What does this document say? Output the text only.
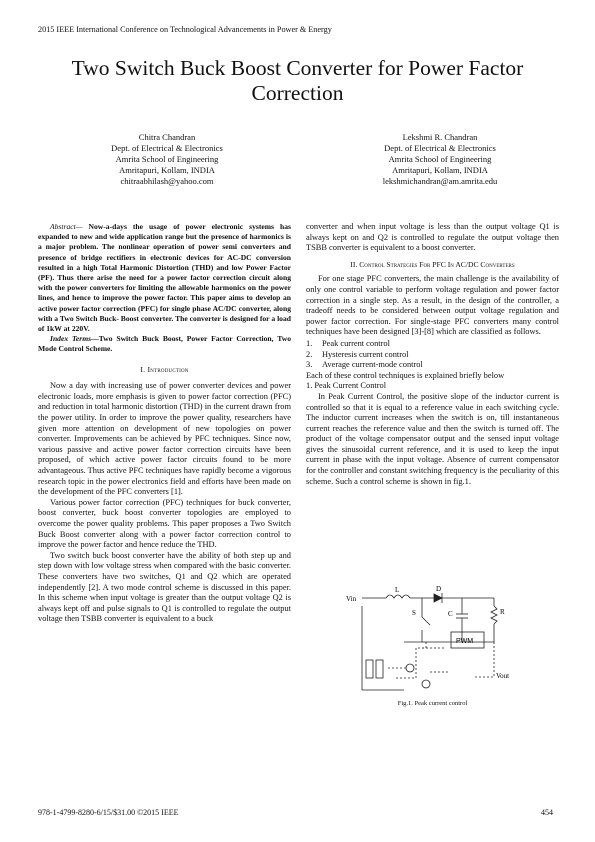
2015 IEEE International Conference on Technological Advancements in Power & Energy
Two Switch Buck Boost Converter for Power Factor Correction
Chitra Chandran
Dept. of Electrical & Electronics
Amrita School of Engineering
Amritapuri, Kollam, INDIA
chitraabhilash@yahoo.com
Lekshmi R. Chandran
Dept. of Electrical & Electronics
Amrita School of Engineering
Amritapuri, Kollam, INDIA
lekshmichandran@am.amrita.edu

Abstract— Now-a-days the usage of power electronic systems has expanded to new and wide application range but the presence of harmonics is a major problem. The nonlinear operation of power semi converters and presence of bridge rectifiers in electronic devices for AC-DC conversion resulted in a high Total Harmonic Distortion (THD) and low Power Factor (PF). Thus there arise the need for a power factor correction circuit along with the power converters for limiting the allowable harmonics on the power lines, and hence to improve the power factor. This paper aims to develop an active power factor correction (PFC) for single phase AC/DC converter, along with a Two Switch Buck- Boost converter. The converter is designed for a load of 1kW at 220V.

Index Terms—Two Switch Buck Boost, Power Factor Correction, Two Mode Control Scheme.

I. Introduction

Now a day with increasing use of power converter devices and power electronic loads, more emphasis is given to power factor correction (PFC) and reduction in total harmonic distortion (THD) in the current drawn from the power utility. In order to improve the power quality, researchers have given more attention on development of new topologies on power converter. Improvements can be achieved by PFC techniques. Since now, various passive and active power factor correction circuits have been proposed, of which active power factor circuits found to be more advantageous. Thus active PFC techniques have rapidly become a vigorous research topic in the power electronics field and efforts have been made on the development of the PFC converters [1].

Various power factor correction (PFC) techniques for buck converter, boost converter, buck boost converter topologies are employed to overcome the power quality problems. This paper proposes a Two Switch Buck Boost converter along with a power factor correction control to improve the power factor and hence reduce the THD.

Two switch buck boost converter have the ability of both step up and step down with low voltage stress when compared with the basic converter. These converters have two switches, Q1 and Q2 which are operated independently [2]. A two mode control scheme is discussed in this paper. In this scheme when input voltage is greater than the output voltage Q2 is always kept off and pulse signals to Q1 is controlled to regulate the output voltage then TSBB converter is equivalent to a buck

converter and when input voltage is less than the output voltage Q1 is always kept on and Q2 is controlled to regulate the output voltage then TSBB converter is equivalent to a boost converter.

II. Control Strategies For PFC In AC/DC Converters

For one stage PFC converters, the main challenge is the availability of only one control variable to perform voltage regulation and power factor correction in a single step. As a result, in the design of the controller, a tradeoff needs to be considered between output voltage regulation and power factor correction. For single-stage PFC converters many control techniques have been designed [3]-[8] which are classified as follows.

1.	Peak current control
2.	Hysteresis current control
3.	Average current-mode control

Each of these control techniques is explained briefly below

1. Peak Current Control

In Peak Current Control, the positive slope of the inductor current is controlled so that it is equal to a reference value in each switching cycle. The inductor current increases when the switch is on, till instantaneous current reaches the reference value and then the switch is turned off. The product of the voltage compensator output and the sensed input voltage gives the sinusoidal current reference, and it is used to keep the input current in phase with the input voltage. Absence of current compensator for the controller and constant switching frequency is the peculiarity of this scheme. Such a control scheme is shown in fig.1.

Vin
L
S
D
C	R
PWM
Vout
Fig.1. Peak current control
978-1-4799-8280-6/15/$31.00 ©2015 IEEE	454
